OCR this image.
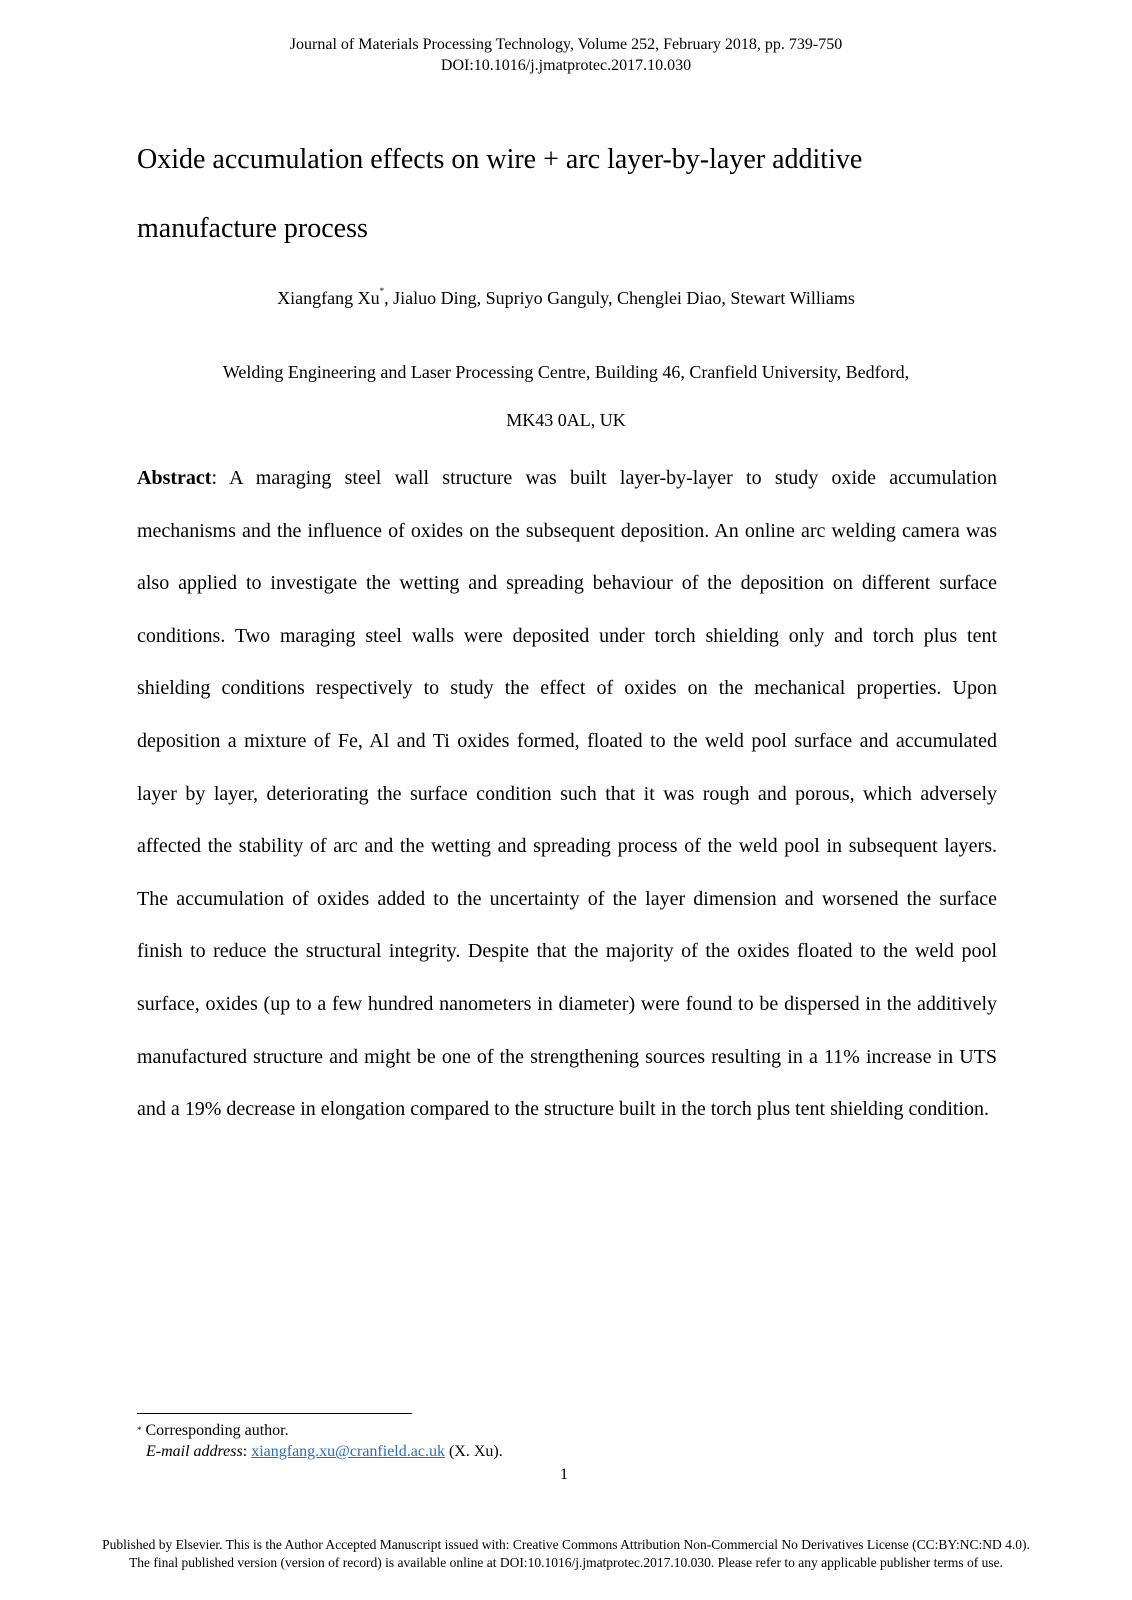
Journal of Materials Processing Technology, Volume 252, February 2018, pp. 739-750
DOI:10.1016/j.jmatprotec.2017.10.030
Oxide accumulation effects on wire + arc layer-by-layer additive manufacture process
Xiangfang Xu*, Jialuo Ding, Supriyo Ganguly, Chenglei Diao, Stewart Williams
Welding Engineering and Laser Processing Centre, Building 46, Cranfield University, Bedford,
MK43 0AL, UK

Abstract: A maraging steel wall structure was built layer-by-layer to study oxide accumulation mechanisms and the influence of oxides on the subsequent deposition. An online arc welding camera was also applied to investigate the wetting and spreading behaviour of the deposition on different surface conditions. Two maraging steel walls were deposited under torch shielding only and torch plus tent shielding conditions respectively to study the effect of oxides on the mechanical properties. Upon deposition a mixture of Fe, Al and Ti oxides formed, floated to the weld pool surface and accumulated layer by layer, deteriorating the surface condition such that it was rough and porous, which adversely affected the stability of arc and the wetting and spreading process of the weld pool in subsequent layers. The accumulation of oxides added to the uncertainty of the layer dimension and worsened the surface finish to reduce the structural integrity. Despite that the majority of the oxides floated to the weld pool surface, oxides (up to a few hundred nanometers in diameter) were found to be dispersed in the additively manufactured structure and might be one of the strengthening sources resulting in a 11% increase in UTS and a 19% decrease in elongation compared to the structure built in the torch plus tent shielding condition.

* Corresponding author.
E-mail address: xiangfang.xu@cranfield.ac.uk (X. Xu).
1
Published by Elsevier. This is the Author Accepted Manuscript issued with: Creative Commons Attribution Non-Commercial No Derivatives License (CC:BY:NC:ND 4.0).
The final published version (version of record) is available online at DOI:10.1016/j.jmatprotec.2017.10.030. Please refer to any applicable publisher terms of use.
